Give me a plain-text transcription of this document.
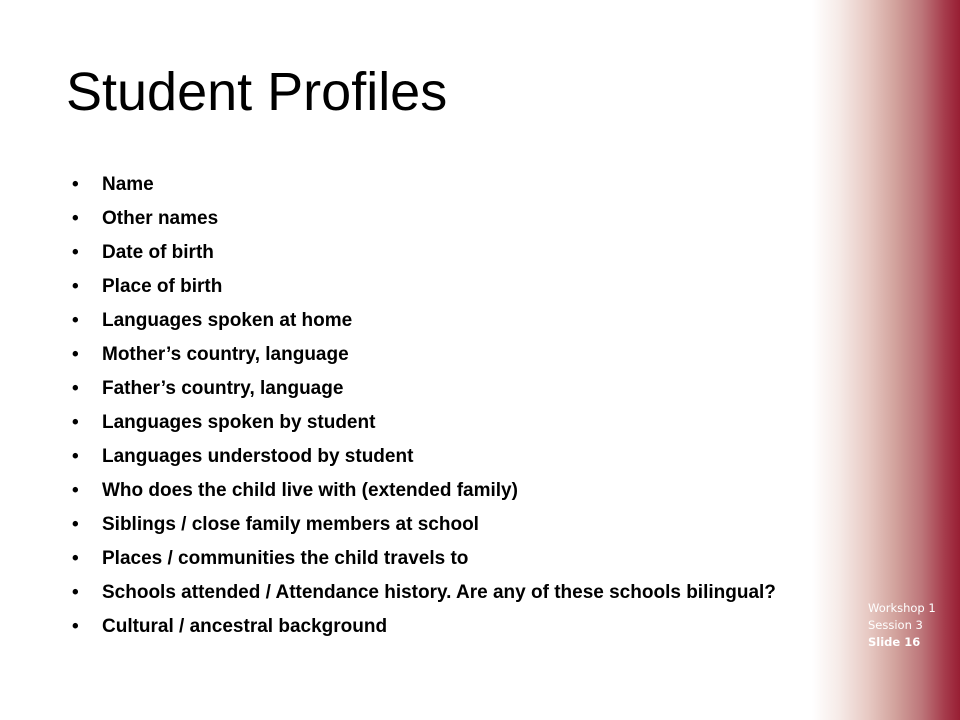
Student Profiles
• Name
• Other names
• Date of birth
• Place of birth
• Languages spoken at home
• Mother’s country, language
• Father’s country, language
• Languages spoken by student
• Languages understood by student
• Who does the child live with (extended family)
• Siblings / close family members at school
• Places / communities the child travels to
• Schools attended / Attendance history. Are any of these schools bilingual?
• Cultural / ancestral background
Workshop 1
Session 3
Slide 16
